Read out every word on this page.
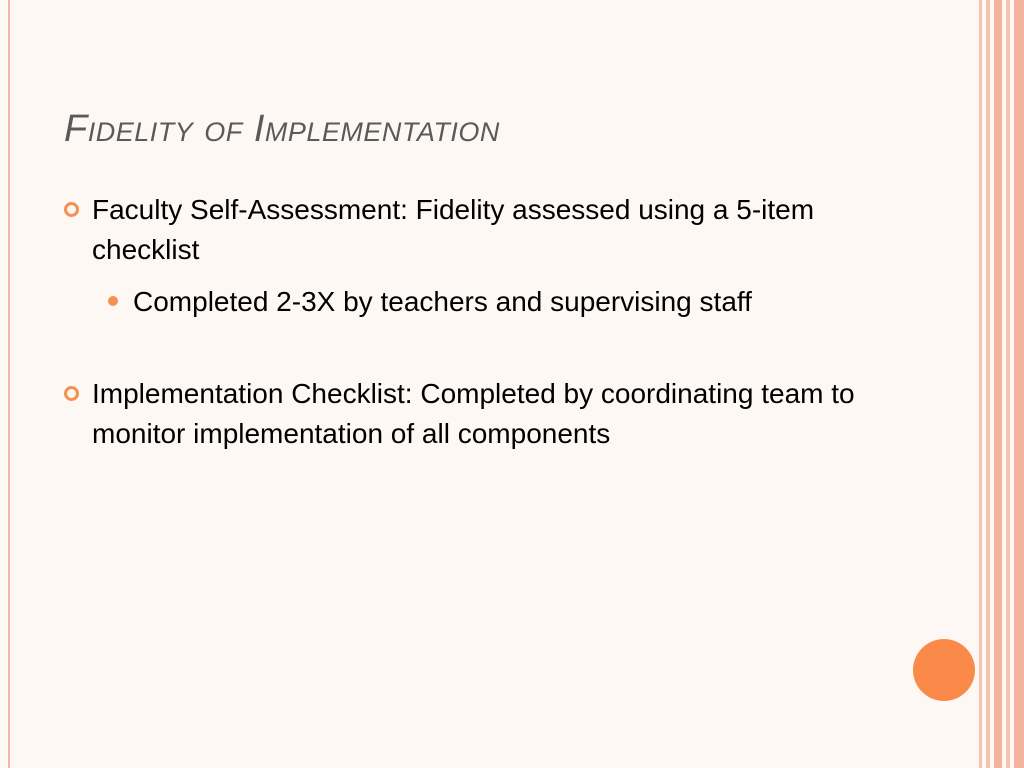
Fidelity of Implementation
Faculty Self-Assessment: Fidelity assessed using a 5-item checklist
Completed 2-3X by teachers and supervising staff
Implementation Checklist: Completed by coordinating team to monitor implementation of all components
